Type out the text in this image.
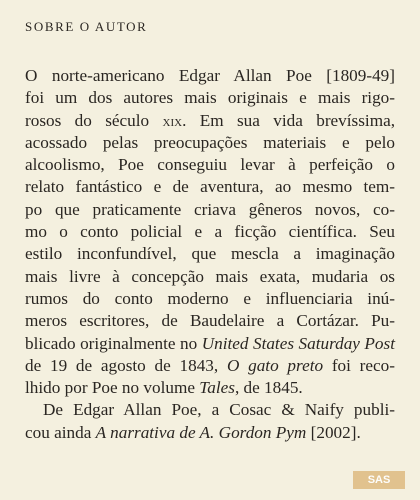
SOBRE O AUTOR
O norte-americano Edgar Allan Poe [1809-49]
foi um dos autores mais originais e mais rigo-
rosos do século xix. Em sua vida brevíssima,
acossado pelas preocupações materiais e pelo
alcoolismo, Poe conseguiu levar à perfeição o
relato fantástico e de aventura, ao mesmo tem-
po que praticamente criava gêneros novos, co-
mo o conto policial e a ficção científica. Seu
estilo inconfundível, que mescla a imaginação
mais livre à concepção mais exata, mudaria os
rumos do conto moderno e influenciaria inú-
meros escritores, de Baudelaire a Cortázar. Pu-
blicado originalmente no United States Saturday Post
de 19 de agosto de 1843, O gato preto foi reco-
lhido por Poe no volume Tales, de 1845.
De Edgar Allan Poe, a Cosac & Naify publi-
cou ainda A narrativa de A. Gordon Pym [2002].
SAS
